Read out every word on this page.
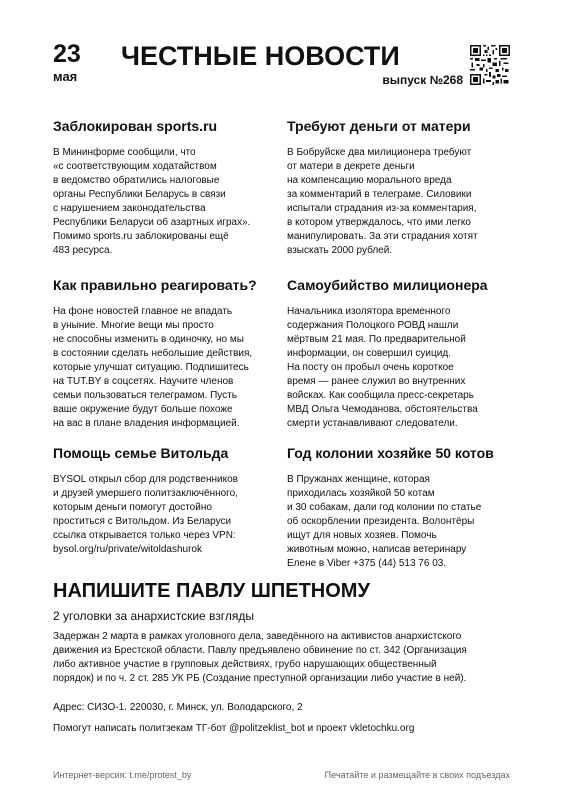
23
мая
ЧЕСТНЫЕ НОВОСТИ
выпуск №268
Заблокирован sports.ru

В Мининформе сообщили, что
«с соответствующим ходатайством
в ведомство обратились налоговые
органы Республики Беларусь в связи
с нарушением законодательства
Республики Беларуси об азартных играх».
Помимо sports.ru заблокированы ещё
483 ресурса.

Требуют деньги от матери

В Бобруйске два милиционера требуют
от матери в декрете деньги
на компенсацию морального вреда
за комментарий в телеграме. Силовики
испытали страдания из-за комментария,
в котором утверждалось, что ими легко
манипулировать. За эти страдания хотят
взыскать 2000 рублей.

Как правильно реагировать?

На фоне новостей главное не впадать
в уныние. Многие вещи мы просто
не способны изменить в одиночку, но мы
в состоянии сделать небольшие действия,
которые улучшат ситуацию. Подпишитесь
на TUT.BY в соцсетях. Научите членов
семьи пользоваться телеграмом. Пусть
ваше окружение будут больше похоже
на вас в плане владения информацией.

Самоубийство милиционера

Начальника изолятора временного
содержания Полоцкого РОВД нашли
мёртвым 21 мая. По предварительной
информации, он совершил суицид.
На посту он пробыл очень короткое
время — ранее служил во внутренних
войсках. Как сообщила пресс-секретарь
МВД Ольга Чемоданова, обстоятельства
смерти устанавливают следователи.

Помощь семье Витольда

BYSOL открыл сбор для родственников
и друзей умершего политзаключённого,
которым деньги помогут достойно
проститься с Витольдом. Из Беларуси
ссылка открывается только через VPN:
bysol.org/ru/private/witoldashurok

Год колонии хозяйке 50 котов

В Пружанах женщине, которая
приходилась хозяйкой 50 котам
и 30 собакам, дали год колонии по статье
об оскорблении президента. Волонтёры
ищут для новых хозяев. Помочь
животным можно, написав ветеринару
Елене в Viber +375 (44) 513 76 03.

НАПИШИТЕ ПАВЛУ ШПЕТНОМУ
2 уголовки за анархистские взгляды
Задержан 2 марта в рамках уголовного дела, заведённого на активистов анархистского
движения из Брестской области. Павлу предъявлено обвинение по ст. 342 (Организация
либо активное участие в групповых действиях, грубо нарушающих общественный
порядок) и по ч. 2 ст. 285 УК РБ (Создание преступной организации либо участие в ней).
Адрес: СИЗО-1. 220030, г. Минск, ул. Володарского, 2
Помогут написать политзекам ТГ-бот @politzeklist_bot и проект vkletochku.org
Интернет-версия: t.me/protest_by	Печатайте и размещайте в своих подъездах
